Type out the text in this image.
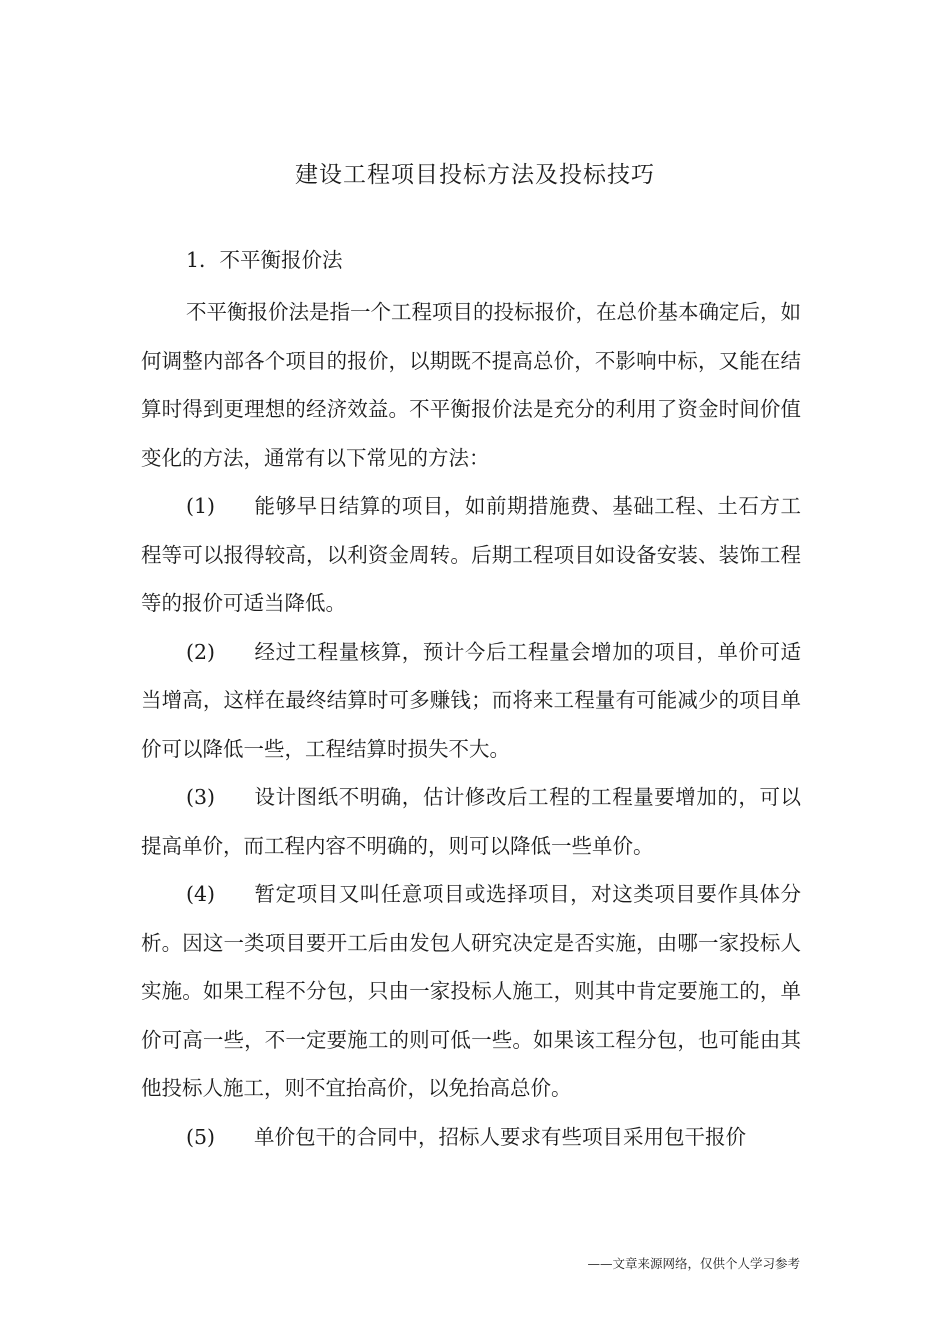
建设工程项目投标方法及投标技巧

1．不平衡报价法

不平衡报价法是指一个工程项目的投标报价，在总价基本确定后，如何调整内部各个项目的报价，以期既不提高总价，不影响中标，又能在结算时得到更理想的经济效益。不平衡报价法是充分的利用了资金时间价值变化的方法，通常有以下常见的方法：

(1) 能够早日结算的项目，如前期措施费、基础工程、土石方工程等可以报得较高，以利资金周转。后期工程项目如设备安装、装饰工程等的报价可适当降低。

(2) 经过工程量核算，预计今后工程量会增加的项目，单价可适当增高，这样在最终结算时可多赚钱；而将来工程量有可能减少的项目单价可以降低一些，工程结算时损失不大。

(3) 设计图纸不明确，估计修改后工程的工程量要增加的，可以提高单价，而工程内容不明确的，则可以降低一些单价。

(4) 暂定项目又叫任意项目或选择项目，对这类项目要作具体分析。因这一类项目要开工后由发包人研究决定是否实施，由哪一家投标人实施。如果工程不分包，只由一家投标人施工，则其中肯定要施工的，单价可高一些，不一定要施工的则可低一些。如果该工程分包，也可能由其他投标人施工，则不宜抬高价，以免抬高总价。

(5) 单价包干的合同中，招标人要求有些项目采用包干报价

——文章来源网络，仅供个人学习参考
